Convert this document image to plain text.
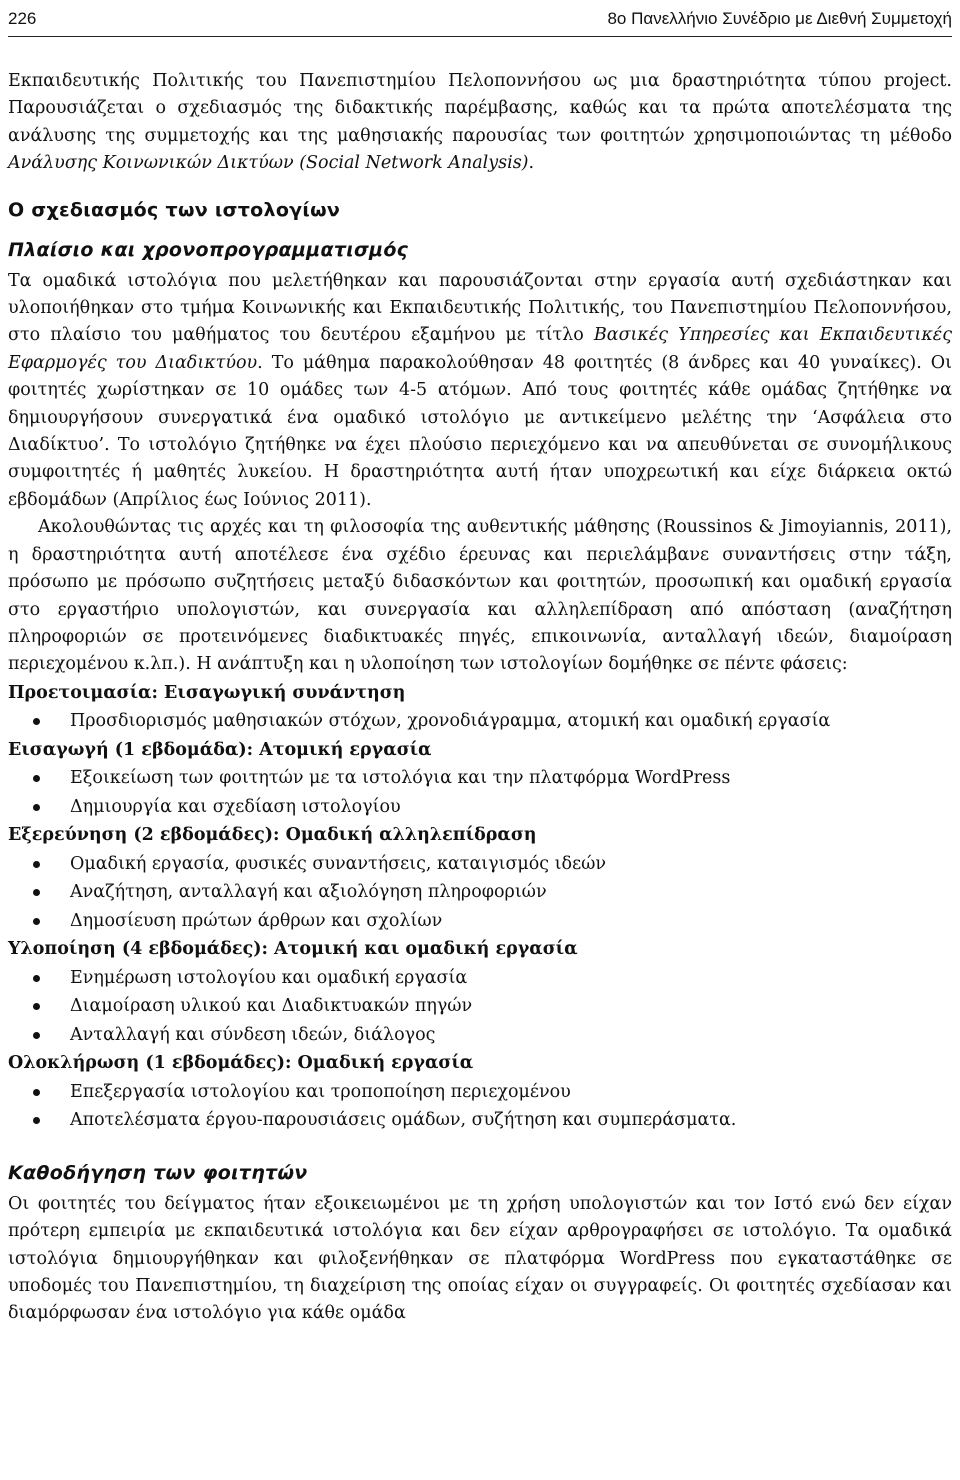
226	8ο Πανελλήνιο Συνέδριο με Διεθνή Συμμετοχή

Εκπαιδευτικής Πολιτικής του Πανεπιστημίου Πελοποννήσου ως μια δραστηριότητα τύπου project. Παρουσιάζεται ο σχεδιασμός της διδακτικής παρέμβασης, καθώς και τα πρώτα αποτελέσματα της ανάλυσης της συμμετοχής και της μαθησιακής παρουσίας των φοιτητών χρησιμοποιώντας τη μέθοδο Ανάλυσης Κοινωνικών Δικτύων (Social Network Analysis).

Ο σχεδιασμός των ιστολογίων
Πλαίσιο και χρονοπρογραμματισμός

Τα ομαδικά ιστολόγια που μελετήθηκαν και παρουσιάζονται στην εργασία αυτή σχεδιάστηκαν και υλοποιήθηκαν στο τμήμα Κοινωνικής και Εκπαιδευτικής Πολιτικής, του Πανεπιστημίου Πελοποννήσου, στο πλαίσιο του μαθήματος του δευτέρου εξαμήνου με τίτλο Βασικές Υπηρεσίες και Εκπαιδευτικές Εφαρμογές του Διαδικτύου. Το μάθημα παρακολούθησαν 48 φοιτητές (8 άνδρες και 40 γυναίκες). Οι φοιτητές χωρίστηκαν σε 10 ομάδες των 4-5 ατόμων. Από τους φοιτητές κάθε ομάδας ζητήθηκε να δημιουργήσουν συνεργατικά ένα ομαδικό ιστολόγιο με αντικείμενο μελέτης την ‘Ασφάλεια στο Διαδίκτυο’. Το ιστολόγιο ζητήθηκε να έχει πλούσιο περιεχόμενο και να απευθύνεται σε συνομήλικους συμφοιτητές ή μαθητές λυκείου. Η δραστηριότητα αυτή ήταν υποχρεωτική και είχε διάρκεια οκτώ εβδομάδων (Απρίλιος έως Ιούνιος 2011).

Ακολουθώντας τις αρχές και τη φιλοσοφία της αυθεντικής μάθησης (Roussinos & Jimoyiannis, 2011), η δραστηριότητα αυτή αποτέλεσε ένα σχέδιο έρευνας και περιελάμβανε συναντήσεις στην τάξη, πρόσωπο με πρόσωπο συζητήσεις μεταξύ διδασκόντων και φοιτητών, προσωπική και ομαδική εργασία στο εργαστήριο υπολογιστών, και συνεργασία και αλληλεπίδραση από απόσταση (αναζήτηση πληροφοριών σε προτεινόμενες διαδικτυακές πηγές, επικοινωνία, ανταλλαγή ιδεών, διαμοίραση περιεχομένου κ.λπ.). Η ανάπτυξη και η υλοποίηση των ιστολογίων δομήθηκε σε πέντε φάσεις:

Προετοιμασία: Εισαγωγική συνάντηση

Προσδιορισμός μαθησιακών στόχων, χρονοδιάγραμμα, ατομική και ομαδική εργασία

Εισαγωγή (1 εβδομάδα): Ατομική εργασία

Εξοικείωση των φοιτητών με τα ιστολόγια και την πλατφόρμα WordPress
Δημιουργία και σχεδίαση ιστολογίου

Εξερεύνηση (2 εβδομάδες): Ομαδική αλληλεπίδραση

Ομαδική εργασία, φυσικές συναντήσεις, καταιγισμός ιδεών
Αναζήτηση, ανταλλαγή και αξιολόγηση πληροφοριών
Δημοσίευση πρώτων άρθρων και σχολίων

Υλοποίηση (4 εβδομάδες): Ατομική και ομαδική εργασία

Ενημέρωση ιστολογίου και ομαδική εργασία
Διαμοίραση υλικού και Διαδικτυακών πηγών
Ανταλλαγή και σύνδεση ιδεών, διάλογος

Ολοκλήρωση (1 εβδομάδες): Ομαδική εργασία

Επεξεργασία ιστολογίου και τροποποίηση περιεχομένου
Αποτελέσματα έργου-παρουσιάσεις ομάδων, συζήτηση και συμπεράσματα.
Καθοδήγηση των φοιτητών

Οι φοιτητές του δείγματος ήταν εξοικειωμένοι με τη χρήση υπολογιστών και τον Ιστό ενώ δεν είχαν πρότερη εμπειρία με εκπαιδευτικά ιστολόγια και δεν είχαν αρθρογραφήσει σε ιστολόγιο. Τα ομαδικά ιστολόγια δημιουργήθηκαν και φιλοξενήθηκαν σε πλατφόρμα WordPress που εγκαταστάθηκε σε υποδομές του Πανεπιστημίου, τη διαχείριση της οποίας είχαν οι συγγραφείς. Οι φοιτητές σχεδίασαν και διαμόρφωσαν ένα ιστολόγιο για κάθε ομάδα
